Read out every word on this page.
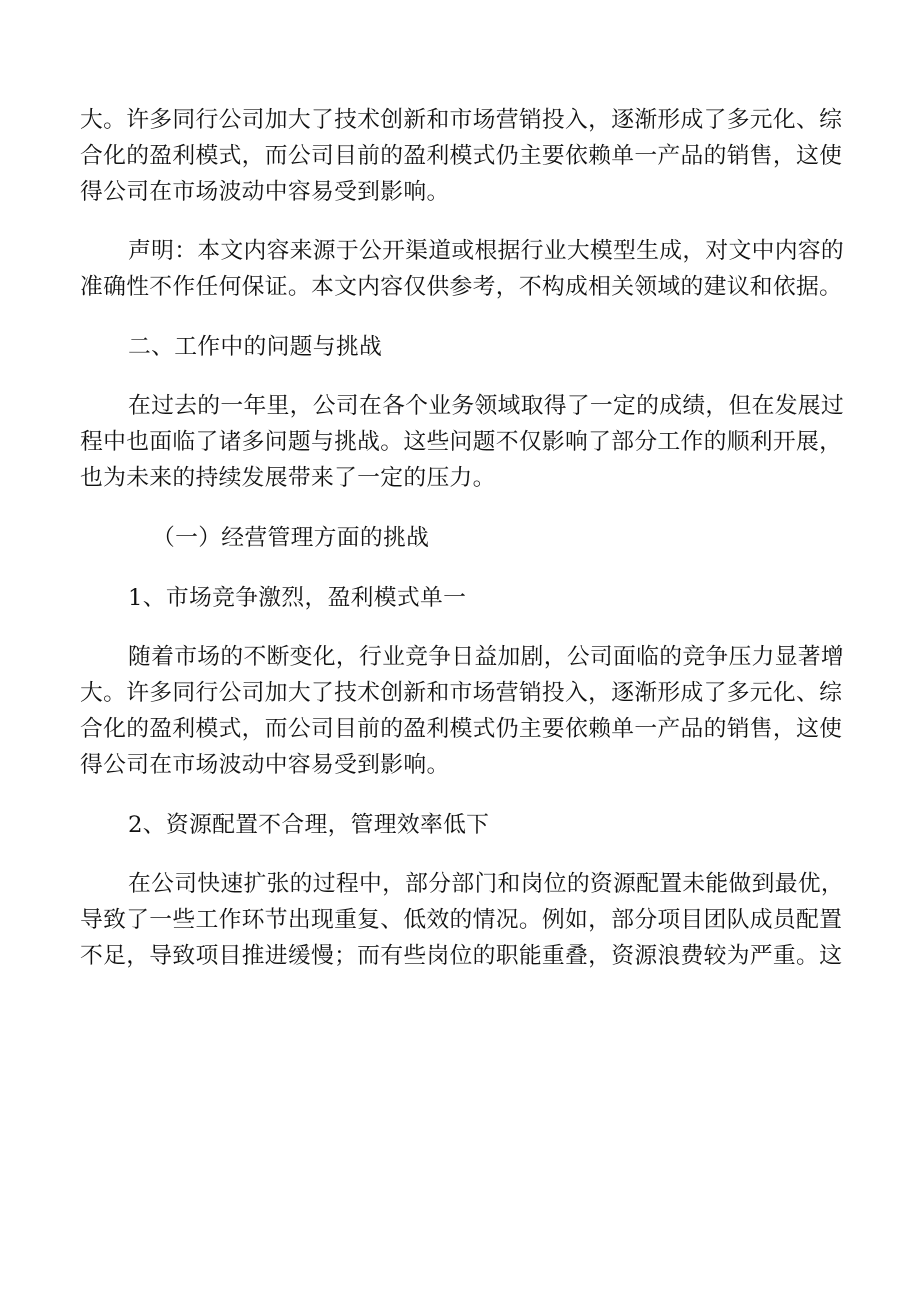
大。许多同行公司加大了技术创新和市场营销投入，逐渐形成了多元化、综
合化的盈利模式，而公司目前的盈利模式仍主要依赖单一产品的销售，这使
得公司在市场波动中容易受到影响。
声明：本文内容来源于公开渠道或根据行业大模型生成，对文中内容的
准确性不作任何保证。本文内容仅供参考，不构成相关领域的建议和依据。
二、工作中的问题与挑战
在过去的一年里，公司在各个业务领域取得了一定的成绩，但在发展过
程中也面临了诸多问题与挑战。这些问题不仅影响了部分工作的顺利开展，
也为未来的持续发展带来了一定的压力。
（一）经营管理方面的挑战
1、市场竞争激烈，盈利模式单一
随着市场的不断变化，行业竞争日益加剧，公司面临的竞争压力显著增
大。许多同行公司加大了技术创新和市场营销投入，逐渐形成了多元化、综
合化的盈利模式，而公司目前的盈利模式仍主要依赖单一产品的销售，这使
得公司在市场波动中容易受到影响。
2、资源配置不合理，管理效率低下
在公司快速扩张的过程中，部分部门和岗位的资源配置未能做到最优，
导致了一些工作环节出现重复、低效的情况。例如，部分项目团队成员配置
不足，导致项目推进缓慢；而有些岗位的职能重叠，资源浪费较为严重。这
